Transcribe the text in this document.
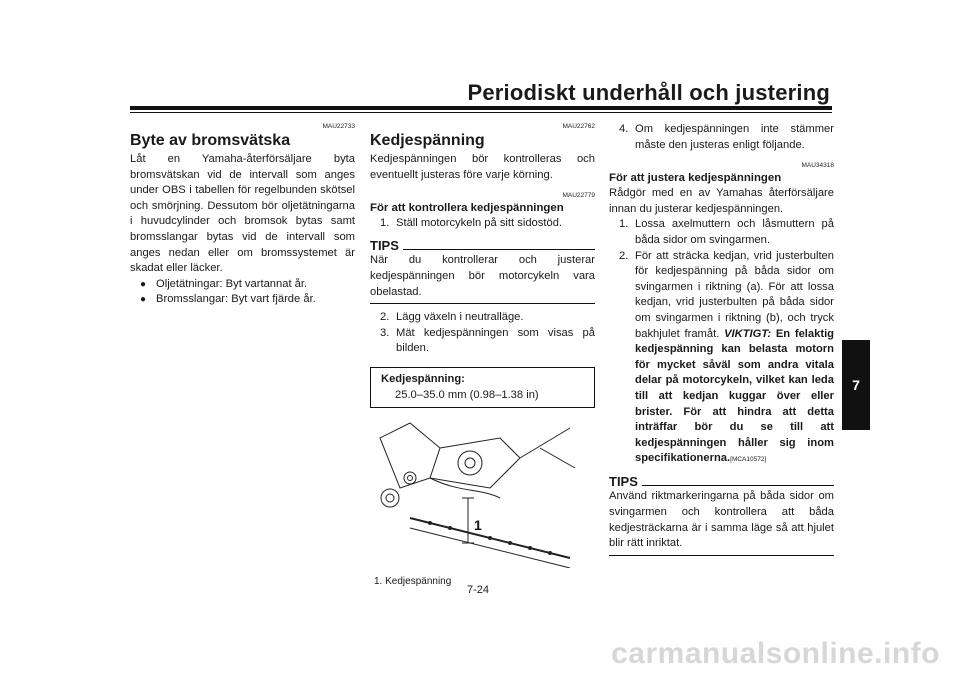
Periodiskt underhåll och justering
7
MAU22733
Byte av bromsvätska

Låt en Yamaha-återförsäljare byta bromsvätskan vid de intervall som anges under OBS i tabellen för regelbunden skötsel och smörjning. Dessutom bör oljetätningarna i huvudcylinder och bromsok bytas samt bromsslangar bytas vid de intervall som anges nedan eller om bromssystemet är skadat eller läcker.

● Oljetätningar: Byt vartannat år.
● Bromsslangar: Byt vart fjärde år.
MAU22762
Kedjespänning

Kedjespänningen bör kontrolleras och eventuellt justeras före varje körning.

MAU22779
För att kontrollera kedjespänningen
1. Ställ motorcykeln på sitt sidostöd.
TIPS

När du kontrollerar och justerar kedjespänningen bör motorcykeln vara obelastad.

2. Lägg växeln i neutralläge.
3. Mät kedjespänningen som visas på bilden.
Kedjespänning:
25.0–35.0 mm (0.98–1.38 in)
1
1. Kedjespänning
4. Om kedjespänningen inte stämmer måste den justeras enligt följande.
MAU34318
För att justera kedjespänningen

Rådgör med en av Yamahas återförsäljare innan du justerar kedjespänningen.

1. Lossa axelmuttern och låsmuttern på båda sidor om svingarmen.
2. För att sträcka kedjan, vrid justerbulten för kedjespänning på båda sidor om svingarmen i riktning (a). För att lossa kedjan, vrid justerbulten på båda sidor om svingarmen i riktning (b), och tryck bakhjulet framåt. VIKTIGT: En felaktig kedjespänning kan belasta motorn för mycket såväl som andra vitala delar på motorcykeln, vilket kan leda till att kedjan kuggar över eller brister. För att hindra att detta inträffar bör du se till att kedjespänningen håller sig inom specifikationerna.[MCA10572]
TIPS

Använd riktmarkeringarna på båda sidor om svingarmen och kontrollera att båda kedjesträckarna är i samma läge så att hjulet blir rätt inriktat.

7-24
carmanualsonline.info
